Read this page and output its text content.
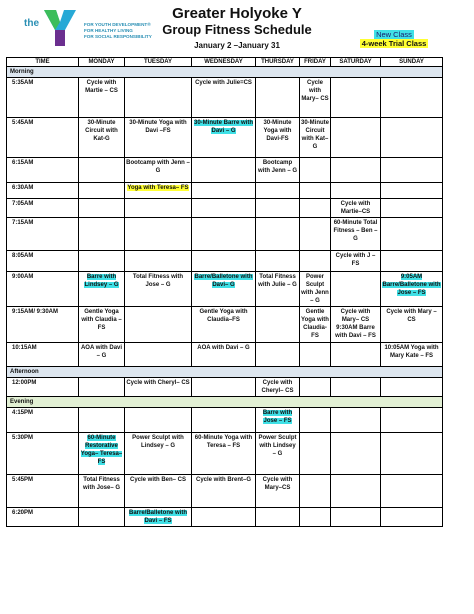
the	FOR YOUTH DEVELOPMENT®
FOR HEALTHY LIVING
FOR SOCIAL RESPONSIBILITY
Greater Holyoke Y
Group Fitness Schedule
January 2 –January 31
New Class
4-week Trial Class
TIME	MONDAY	TUESDAY	WEDNESDAY	THURSDAY	FRIDAY	SATURDAY	SUNDAY
Morning							
5:35AM	Cycle with Martie – CS		Cycle with Julie=CS		Cycle with Mary– CS		
5:45AM	30-Minute Circuit with Kat-G	30-Minute Yoga with Davi –FS	30-Minute Barre with Davi – G	30-Minute Yoga with Davi-FS	30-Minute Circuit with Kat–G		
6:15AM		Bootcamp with Jenn – G		Bootcamp with Jenn – G			
6:30AM		Yoga with Teresa– FS					
7:05AM						Cycle with Martie–CS	
7:15AM						60-Minute Total Fitness – Ben – G	
8:05AM						Cycle with J – FS	
9:00AM	Barre with Lindsey – G	Total Fitness with Jose – G	Barre/Balletone with Davi– G	Total Fitness with Julie – G	Power Sculpt with Jenn – G		9:05AM Barre/Balletone with Jose – FS
9:15AM/ 9:30AM	Gentle Yoga with Claudia – FS		Gentle Yoga with Claudia–FS		Gentle Yoga with Claudia-FS	Cycle with Mary– CS 9:30AM Barre with Davi – FS	Cycle with Mary – CS
10:15AM	AOA with Davi – G		AOA with Davi – G				10:05AM Yoga with Mary Kate – FS
Afternoon							
12:00PM		Cycle with Cheryl– CS		Cycle with Cheryl– CS			
Evening							
4:15PM				Barre with Jose – FS			
5:30PM	60-Minute Restorative Yoga– Teresa–FS	Power Sculpt with Lindsey – G	60-Minute Yoga with Teresa – FS	Power Sculpt with Lindsey – G			
5:45PM	Total Fitness with Jose– G	Cycle with Ben– CS	Cycle with Brent–G	Cycle with Mary–CS			
6:20PM		Barre/Balletone with Davi – FS					
